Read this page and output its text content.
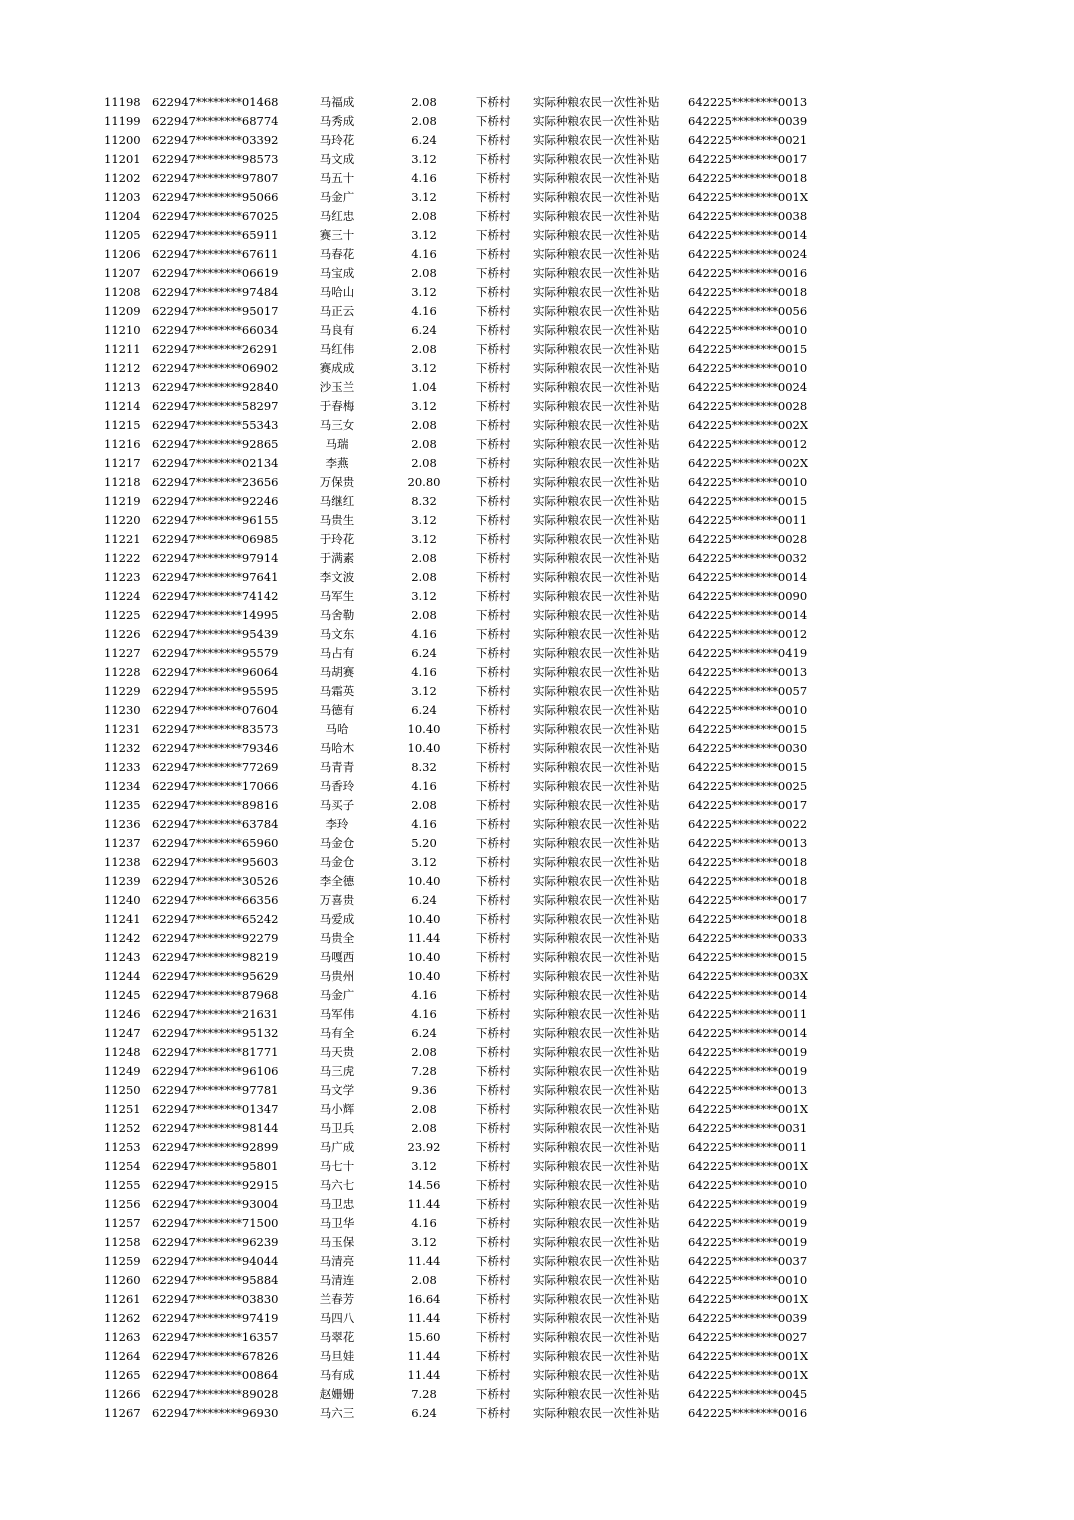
11198 622947********01468	马福成	2.08	下桥村	实际种粮农民一次性补贴	642225********0013
11199 622947********68774	马秀成	2.08	下桥村	实际种粮农民一次性补贴	642225********0039
11200 622947********03392	马玲花	6.24	下桥村	实际种粮农民一次性补贴	642225********0021
11201 622947********98573	马文成	3.12	下桥村	实际种粮农民一次性补贴	642225********0017
11202 622947********97807	马五十	4.16	下桥村	实际种粮农民一次性补贴	642225********0018
11203 622947********95066	马金广	3.12	下桥村	实际种粮农民一次性补贴	642225********001X
11204 622947********67025	马红忠	2.08	下桥村	实际种粮农民一次性补贴	642225********0038
11205 622947********65911	赛三十	3.12	下桥村	实际种粮农民一次性补贴	642225********0014
11206 622947********67611	马春花	4.16	下桥村	实际种粮农民一次性补贴	642225********0024
11207 622947********06619	马宝成	2.08	下桥村	实际种粮农民一次性补贴	642225********0016
11208 622947********97484	马哈山	3.12	下桥村	实际种粮农民一次性补贴	642225********0018
11209 622947********95017	马正云	4.16	下桥村	实际种粮农民一次性补贴	642225********0056
11210 622947********66034	马良有	6.24	下桥村	实际种粮农民一次性补贴	642225********0010
11211 622947********26291	马红伟	2.08	下桥村	实际种粮农民一次性补贴	642225********0015
11212 622947********06902	赛成成	3.12	下桥村	实际种粮农民一次性补贴	642225********0010
11213 622947********92840	沙玉兰	1.04	下桥村	实际种粮农民一次性补贴	642225********0024
11214 622947********58297	于春梅	3.12	下桥村	实际种粮农民一次性补贴	642225********0028
11215 622947********55343	马三女	2.08	下桥村	实际种粮农民一次性补贴	642225********002X
11216 622947********92865	马瑞	2.08	下桥村	实际种粮农民一次性补贴	642225********0012
11217 622947********02134	李燕	2.08	下桥村	实际种粮农民一次性补贴	642225********002X
11218 622947********23656	万保贵	20.80	下桥村	实际种粮农民一次性补贴	642225********0010
11219 622947********92246	马继红	8.32	下桥村	实际种粮农民一次性补贴	642225********0015
11220 622947********96155	马贵生	3.12	下桥村	实际种粮农民一次性补贴	642225********0011
11221 622947********06985	于玲花	3.12	下桥村	实际种粮农民一次性补贴	642225********0028
11222 622947********97914	于满素	2.08	下桥村	实际种粮农民一次性补贴	642225********0032
11223 622947********97641	李文波	2.08	下桥村	实际种粮农民一次性补贴	642225********0014
11224 622947********74142	马军生	3.12	下桥村	实际种粮农民一次性补贴	642225********0090
11225 622947********14995	马舍勒	2.08	下桥村	实际种粮农民一次性补贴	642225********0014
11226 622947********95439	马文东	4.16	下桥村	实际种粮农民一次性补贴	642225********0012
11227 622947********95579	马占有	6.24	下桥村	实际种粮农民一次性补贴	642225********0419
11228 622947********96064	马胡赛	4.16	下桥村	实际种粮农民一次性补贴	642225********0013
11229 622947********95595	马霜英	3.12	下桥村	实际种粮农民一次性补贴	642225********0057
11230 622947********07604	马德有	6.24	下桥村	实际种粮农民一次性补贴	642225********0010
11231 622947********83573	马哈	10.40	下桥村	实际种粮农民一次性补贴	642225********0015
11232 622947********79346	马哈木	10.40	下桥村	实际种粮农民一次性补贴	642225********0030
11233 622947********77269	马青青	8.32	下桥村	实际种粮农民一次性补贴	642225********0015
11234 622947********17066	马香玲	4.16	下桥村	实际种粮农民一次性补贴	642225********0025
11235 622947********89816	马买子	2.08	下桥村	实际种粮农民一次性补贴	642225********0017
11236 622947********63784	李玲	4.16	下桥村	实际种粮农民一次性补贴	642225********0022
11237 622947********65960	马金仓	5.20	下桥村	实际种粮农民一次性补贴	642225********0013
11238 622947********95603	马金仓	3.12	下桥村	实际种粮农民一次性补贴	642225********0018
11239 622947********30526	李全德	10.40	下桥村	实际种粮农民一次性补贴	642225********0018
11240 622947********66356	万喜贵	6.24	下桥村	实际种粮农民一次性补贴	642225********0017
11241 622947********65242	马爱成	10.40	下桥村	实际种粮农民一次性补贴	642225********0018
11242 622947********92279	马贵全	11.44	下桥村	实际种粮农民一次性补贴	642225********0033
11243 622947********98219	马嘎西	10.40	下桥村	实际种粮农民一次性补贴	642225********0015
11244 622947********95629	马贵州	10.40	下桥村	实际种粮农民一次性补贴	642225********003X
11245 622947********87968	马金广	4.16	下桥村	实际种粮农民一次性补贴	642225********0014
11246 622947********21631	马军伟	4.16	下桥村	实际种粮农民一次性补贴	642225********0011
11247 622947********95132	马有全	6.24	下桥村	实际种粮农民一次性补贴	642225********0014
11248 622947********81771	马天贵	2.08	下桥村	实际种粮农民一次性补贴	642225********0019
11249 622947********96106	马三虎	7.28	下桥村	实际种粮农民一次性补贴	642225********0019
11250 622947********97781	马文学	9.36	下桥村	实际种粮农民一次性补贴	642225********0013
11251 622947********01347	马小辉	2.08	下桥村	实际种粮农民一次性补贴	642225********001X
11252 622947********98144	马卫兵	2.08	下桥村	实际种粮农民一次性补贴	642225********0031
11253 622947********92899	马广成	23.92	下桥村	实际种粮农民一次性补贴	642225********0011
11254 622947********95801	马七十	3.12	下桥村	实际种粮农民一次性补贴	642225********001X
11255 622947********92915	马六七	14.56	下桥村	实际种粮农民一次性补贴	642225********0010
11256 622947********93004	马卫忠	11.44	下桥村	实际种粮农民一次性补贴	642225********0019
11257 622947********71500	马卫华	4.16	下桥村	实际种粮农民一次性补贴	642225********0019
11258 622947********96239	马玉保	3.12	下桥村	实际种粮农民一次性补贴	642225********0019
11259 622947********94044	马清亮	11.44	下桥村	实际种粮农民一次性补贴	642225********0037
11260 622947********95884	马清连	2.08	下桥村	实际种粮农民一次性补贴	642225********0010
11261 622947********03830	兰春芳	16.64	下桥村	实际种粮农民一次性补贴	642225********001X
11262 622947********97419	马四八	11.44	下桥村	实际种粮农民一次性补贴	642225********0039
11263 622947********16357	马翠花	15.60	下桥村	实际种粮农民一次性补贴	642225********0027
11264 622947********67826	马旦娃	11.44	下桥村	实际种粮农民一次性补贴	642225********001X
11265 622947********00864	马有成	11.44	下桥村	实际种粮农民一次性补贴	642225********001X
11266 622947********89028	赵姗姗	7.28	下桥村	实际种粮农民一次性补贴	642225********0045
11267 622947********96930	马六三	6.24	下桥村	实际种粮农民一次性补贴	642225********0016
